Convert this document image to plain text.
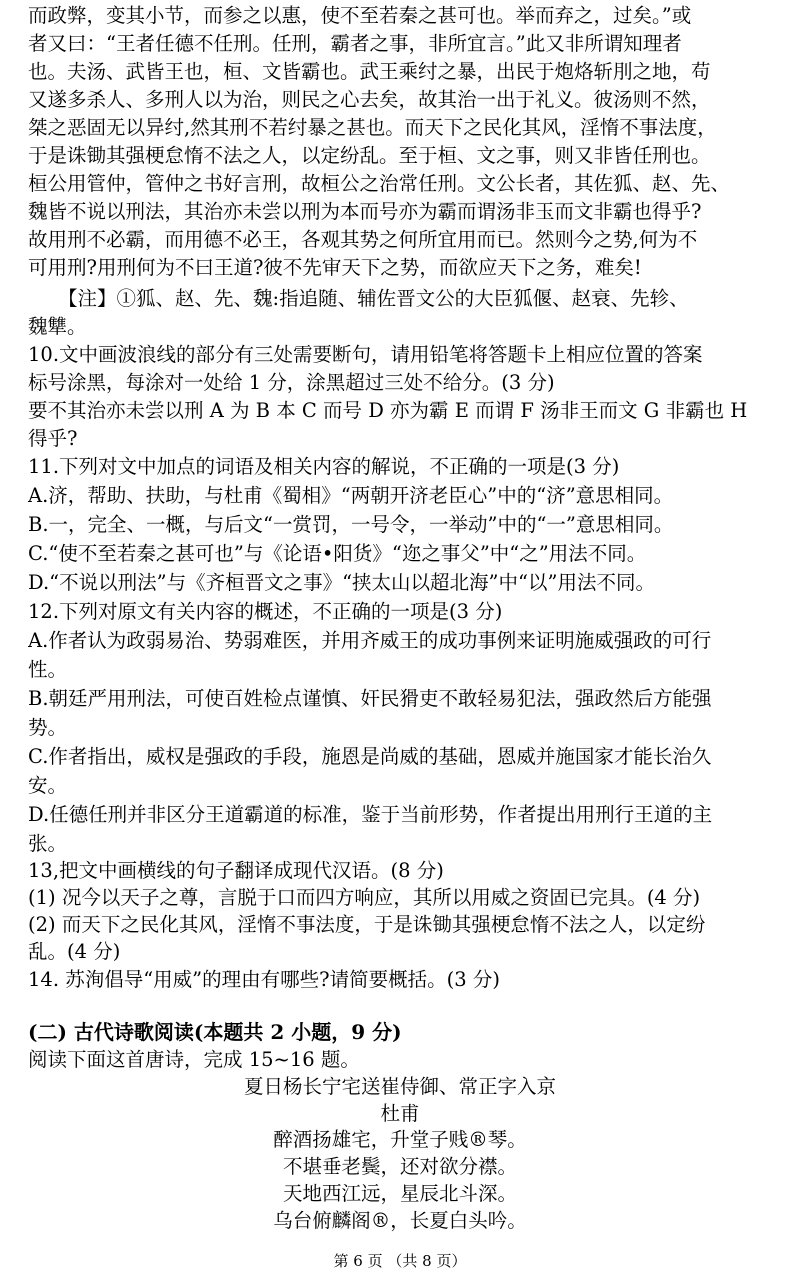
而政弊，变其小节，而参之以惠，使不至若秦之甚可也。举而弃之，过矣。”或
者又曰：“王者任德不任刑。任刑，霸者之事，非所宜言。”此又非所谓知理者
也。夫汤、武皆王也，桓、文皆霸也。武王乘纣之暴，出民于炮烙斩刖之地，苟
又遂多杀人、多刑人以为治，则民之心去矣，故其治一出于礼义。彼汤则不然，
桀之恶固无以异纣,然其刑不若纣暴之甚也。而天下之民化其风，淫惰不事法度，
于是诛锄其强梗怠惰不法之人，以定纷乱。至于桓、文之事，则又非皆任刑也。
桓公用管仲，管仲之书好言刑，故桓公之治常任刑。文公长者，其佐狐、赵、先、
魏皆不说以刑法，其治亦未尝以刑为本而号亦为霸而谓汤非玉而文非霸也得乎?
故用刑不必霸，而用德不必王，各观其势之何所宜用而已。然则今之势,何为不
可用刑?用刑何为不曰王道?彼不先审天下之势，而欲应天下之务，难矣!
【注】①狐、赵、先、魏:指追随、辅佐晋文公的大臣狐偃、赵衰、先轸、
魏犨。
10.文中画波浪线的部分有三处需要断句，请用铅笔将答题卡上相应位置的答案
标号涂黑，每涂对一处给 1 分，涂黑超过三处不给分。(3 分)
要不其治亦未尝以刑 A 为 B 本 C 而号 D 亦为霸 E 而谓 F 汤非王而文 G 非霸也 H
得乎?
11.下列对文中加点的词语及相关内容的解说，不正确的一项是(3 分)
A.济，帮助、扶助，与杜甫《蜀相》“两朝开济老臣心”中的“济”意思相同。
B.一，完全、一概，与后文“一赏罚，一号令，一举动”中的“一”意思相同。
C.“使不至若秦之甚可也”与《论语•阳货》“迩之事父”中“之”用法不同。
D.“不说以刑法”与《齐桓晋文之事》“挟太山以超北海”中“以”用法不同。
12.下列对原文有关内容的概述，不正确的一项是(3 分)
A.作者认为政弱易治、势弱难医，并用齐威王的成功事例来证明施威强政的可行
性。
B.朝廷严用刑法，可使百姓检点谨慎、奸民猾吏不敢轻易犯法，强政然后方能强
势。
C.作者指出，威权是强政的手段，施恩是尚威的基础，恩威并施国家才能长治久
安。
D.任德任刑并非区分王道霸道的标准，鉴于当前形势，作者提出用刑行王道的主
张。
13,把文中画横线的句子翻译成现代汉语。(8 分)
(1) 况今以天子之尊，言脱于口而四方响应，其所以用威之资固已完具。(4 分)
(2) 而天下之民化其风，淫惰不事法度，于是诛锄其强梗怠惰不法之人，以定纷
乱。(4 分)
14. 苏洵倡导“用威”的理由有哪些?请简要概括。(3 分)
(二) 古代诗歌阅读(本题共 2 小题，9 分)
阅读下面这首唐诗，完成 15~16 题。
夏日杨长宁宅送崔侍御、常正字入京
杜甫
醉酒扬雄宅，升堂子贱®琴。
不堪垂老鬓，还对欲分襟。
天地西江远，星辰北斗深。
乌台俯麟阁®，长夏白头吟。
第 6 页 （共 8 页）
